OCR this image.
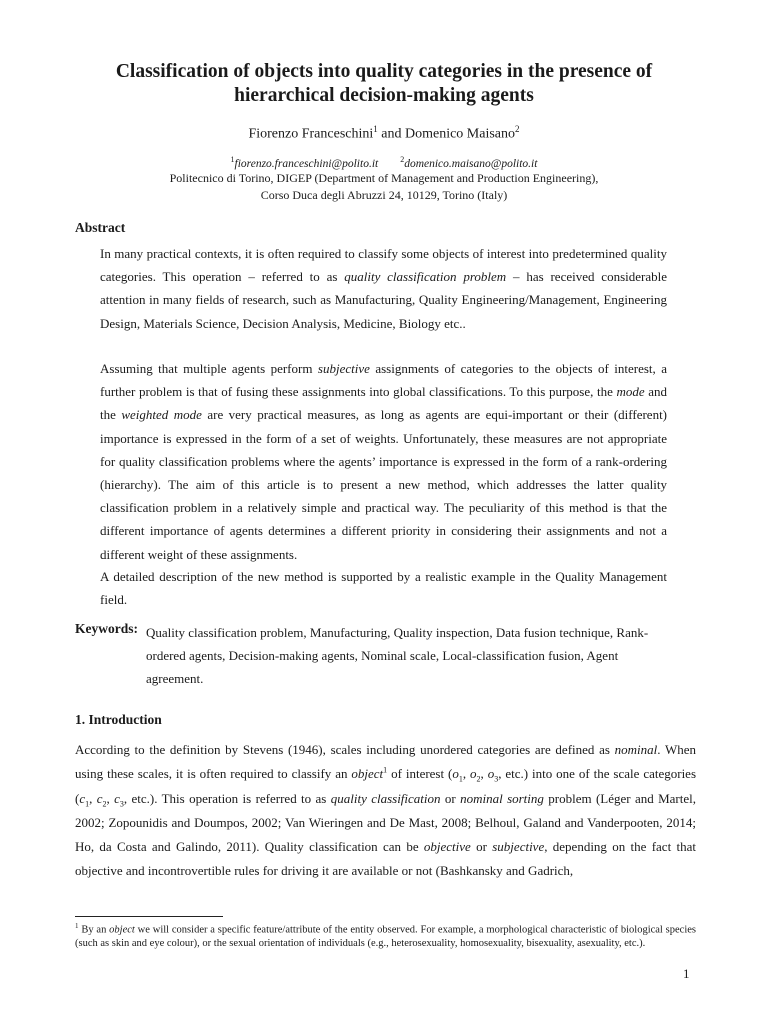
Classification of objects into quality categories in the presence of
hierarchical decision-making agents
Fiorenzo Franceschini$^1$ and Domenico Maisano$^2$
$^1$fiorenzo.franceschini@polito.it	$^2$domenico.maisano@polito.it
Politecnico di Torino, DIGEP (Department of Management and Production Engineering),
Corso Duca degli Abruzzi 24, 10129, Torino (Italy)
Abstract
In many practical contexts, it is often required to classify some objects of interest into predetermined quality categories. This operation – referred to as quality classification problem – has received considerable attention in many fields of research, such as Manufacturing, Quality Engineering/Management, Engineering Design, Materials Science, Decision Analysis, Medicine, Biology etc..
Assuming that multiple agents perform subjective assignments of categories to the objects of interest, a further problem is that of fusing these assignments into global classifications. To this purpose, the mode and the weighted mode are very practical measures, as long as agents are equi-important or their (different) importance is expressed in the form of a set of weights. Unfortunately, these measures are not appropriate for quality classification problems where the agents’ importance is expressed in the form of a rank-ordering (hierarchy). The aim of this article is to present a new method, which addresses the latter quality classification problem in a relatively simple and practical way. The peculiarity of this method is that the different importance of agents determines a different priority in considering their assignments and not a different weight of these assignments.
A detailed description of the new method is supported by a realistic example in the Quality Management field.
Keywords: Quality classification problem, Manufacturing, Quality inspection, Data fusion technique, Rank-ordered agents, Decision-making agents, Nominal scale, Local-classification fusion, Agent agreement.
1. Introduction
According to the definition by Stevens (1946), scales including unordered categories are defined as nominal. When using these scales, it is often required to classify an object$^1$ of interest ($o_1$, $o_2$, $o_3$, etc.) into one of the scale categories ($c_1$, $c_2$, $c_3$, etc.). This operation is referred to as quality classification or nominal sorting problem (Léger and Martel, 2002; Zopounidis and Doumpos, 2002; Van Wieringen and De Mast, 2008; Belhoul, Galand and Vanderpooten, 2014; Ho, da Costa and Galindo, 2011). Quality classification can be objective or subjective, depending on the fact that objective and incontrovertible rules for driving it are available or not (Bashkansky and Gadrich,
$^1$ By an object we will consider a specific feature/attribute of the entity observed. For example, a morphological characteristic of biological species (such as skin and eye colour), or the sexual orientation of individuals (e.g., heterosexuality, homosexuality, bisexuality, asexuality, etc.).
1
